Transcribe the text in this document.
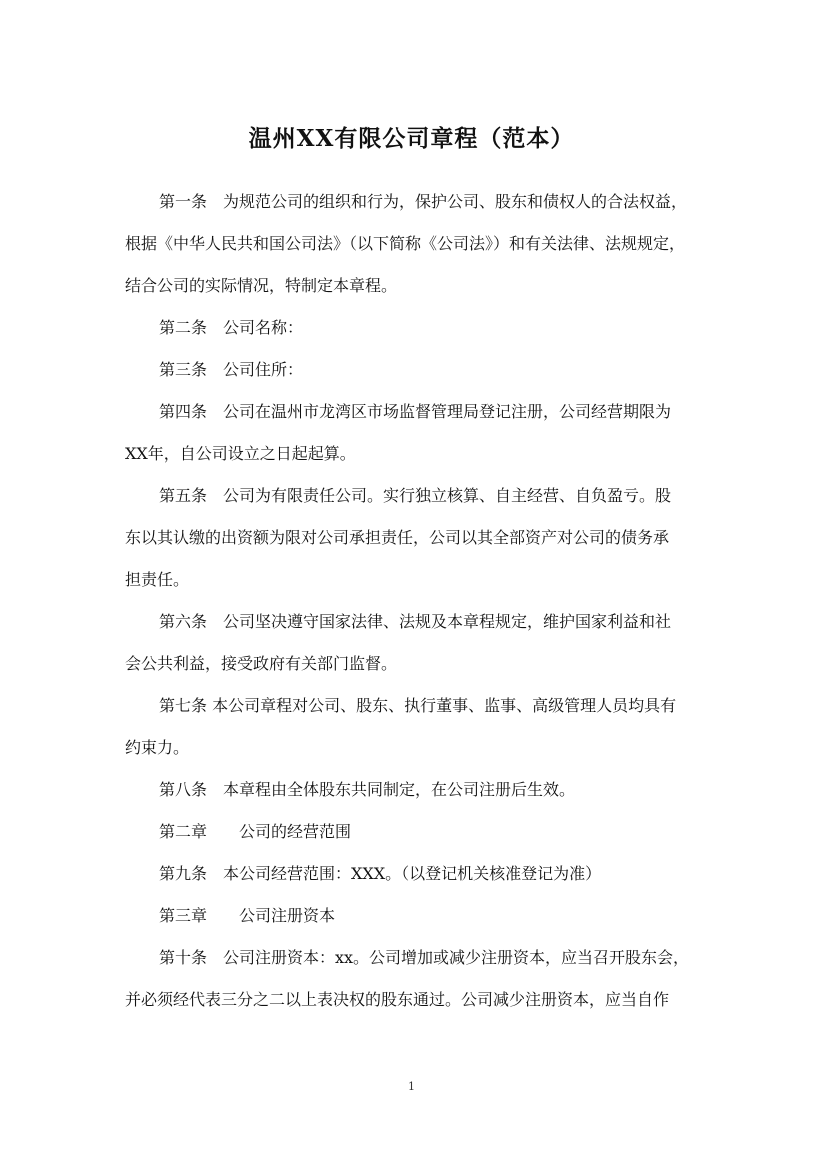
温州XX有限公司章程（范本）

第一条　为规范公司的组织和行为，保护公司、股东和债权人的合法权益，
根据《中华人民共和国公司法》（以下简称《公司法》）和有关法律、法规规定，
结合公司的实际情况，特制定本章程。

第二条　公司名称：

第三条　公司住所：

第四条　公司在温州市龙湾区市场监督管理局登记注册，公司经营期限为
XX年，自公司设立之日起起算。

第五条　公司为有限责任公司。实行独立核算、自主经营、自负盈亏。股
东以其认缴的出资额为限对公司承担责任，公司以其全部资产对公司的债务承
担责任。

第六条　公司坚决遵守国家法律、法规及本章程规定，维护国家利益和社
会公共利益，接受政府有关部门监督。

第七条 本公司章程对公司、股东、执行董事、监事、高级管理人员均具有
约束力。

第八条　本章程由全体股东共同制定，在公司注册后生效。

第二章　　公司的经营范围

第九条　本公司经营范围：XXX。（以登记机关核准登记为准）

第三章　　公司注册资本

第十条　公司注册资本：xx。公司增加或减少注册资本，应当召开股东会，
并必须经代表三分之二以上表决权的股东通过。公司减少注册资本，应当自作

1
